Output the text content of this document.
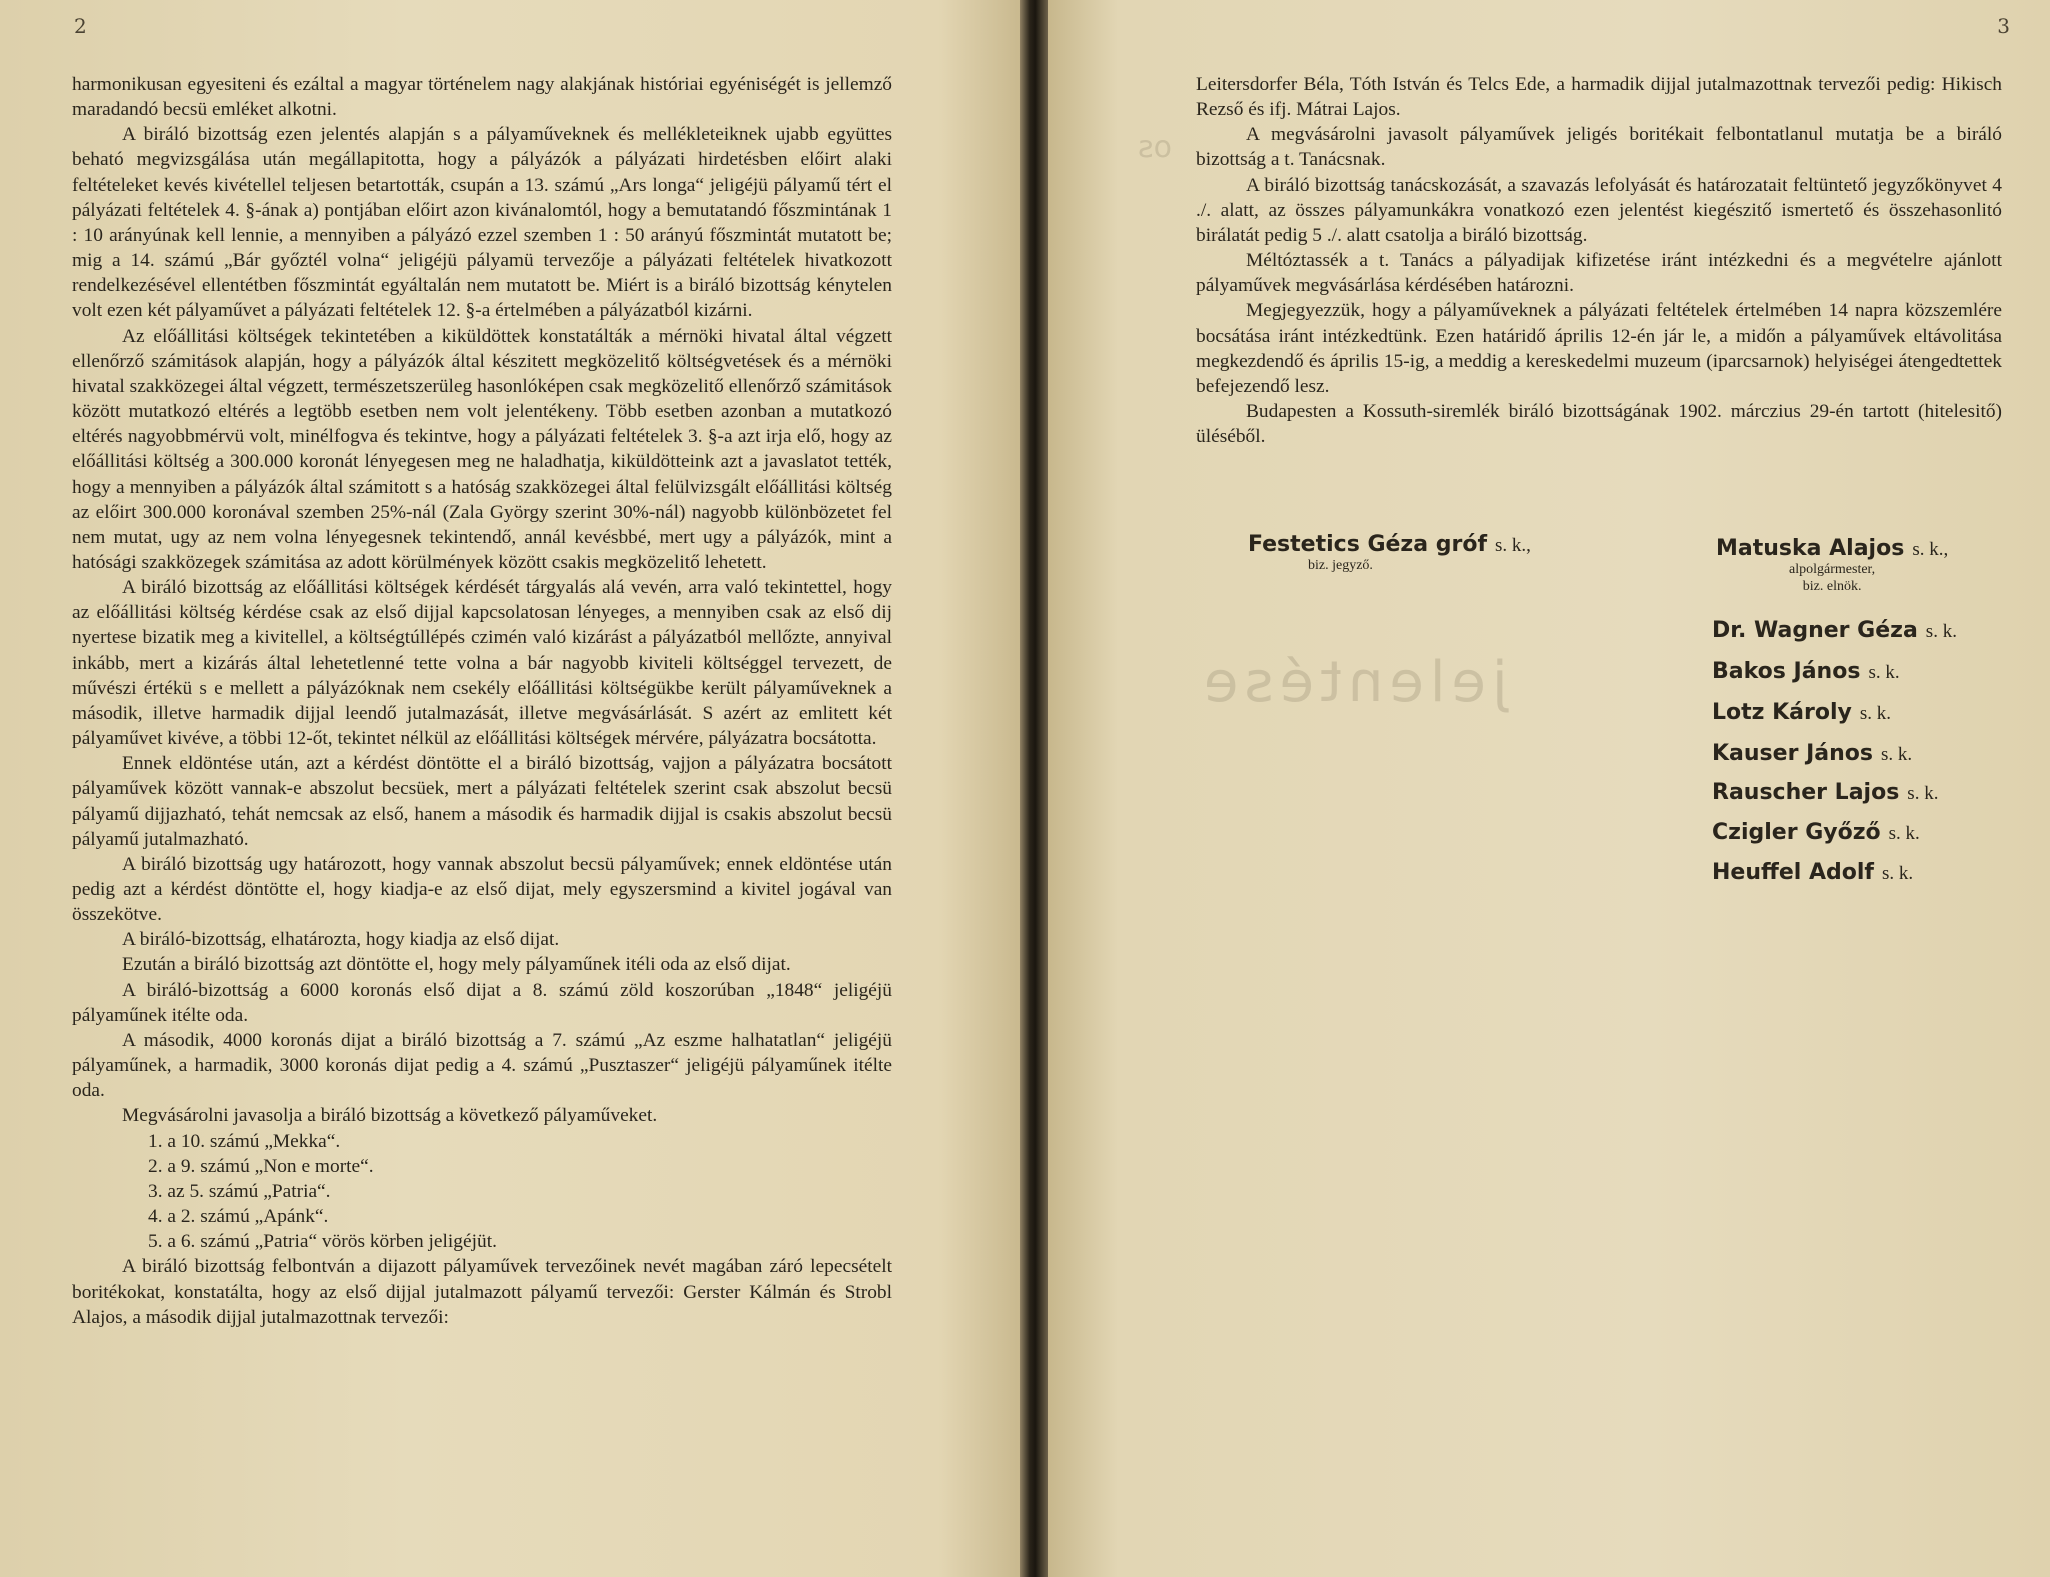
2

harmonikusan egyesiteni és ezáltal a magyar történelem nagy alakjának históriai egyéniségét is jellemző maradandó becsü emléket alkotni.

A biráló bizottság ezen jelentés alapján s a pályaműveknek és mellékleteiknek ujabb együttes beható megvizsgálása után megállapitotta, hogy a pályázók a pályázati hirdetésben előirt alaki feltételeket kevés kivétellel teljesen betartották, csupán a 13. számú „Ars longa“ jeligéjü pályamű tért el pályázati feltételek 4. §-ának a) pontjában előirt azon kivánalomtól, hogy a bemutatandó főszmintának 1 : 10 arányúnak kell lennie, a mennyiben a pályázó ezzel szemben 1 : 50 arányú főszmintát mutatott be; mig a 14. számú „Bár győztél volna“ jeligéjü pályamü tervezője a pályázati feltételek hivatkozott rendelkezésével ellentétben főszmintát egyáltalán nem mutatott be. Miért is a biráló bizottság kénytelen volt ezen két pályaművet a pályázati feltételek 12. §-a értelmében a pályázatból kizárni.

Az előállitási költségek tekintetében a kiküldöttek konstatálták a mérnöki hivatal által végzett ellenőrző számitások alapján, hogy a pályázók által készitett megközelitő költségvetések és a mérnöki hivatal szakközegei által végzett, természetszerüleg hasonlóképen csak megközelitő ellenőrző számitások között mutatkozó eltérés a legtöbb esetben nem volt jelentékeny. Több esetben azonban a mutatkozó eltérés nagyobbmérvü volt, minélfogva és tekintve, hogy a pályázati feltételek 3. §-a azt irja elő, hogy az előállitási költség a 300.000 koronát lényegesen meg ne haladhatja, kiküldötteink azt a javaslatot tették, hogy a mennyiben a pályázók által számitott s a hatóság szakközegei által felülvizsgált előállitási költség az előirt 300.000 koronával szemben 25%-nál (Zala György szerint 30%-nál) nagyobb különbözetet fel nem mutat, ugy az nem volna lényegesnek tekintendő, annál kevésbbé, mert ugy a pályázók, mint a hatósági szakközegek számitása az adott körülmények között csakis megközelitő lehetett.

A biráló bizottság az előállitási költségek kérdését tárgyalás alá vevén, arra való tekintettel, hogy az előállitási költség kérdése csak az első dijjal kapcsolatosan lényeges, a mennyiben csak az első dij nyertese bizatik meg a kivitellel, a költségtúllépés czimén való kizárást a pályázatból mellőzte, annyival inkább, mert a kizárás által lehetetlenné tette volna a bár nagyobb kiviteli költséggel tervezett, de művészi értékü s e mellett a pályázóknak nem csekély előállitási költségükbe került pályaműveknek a második, illetve harmadik dijjal leendő jutalmazását, illetve megvásárlását. S azért az emlitett két pályaművet kivéve, a többi 12-őt, tekintet nélkül az előállitási költségek mérvére, pályázatra bocsátotta.

Ennek eldöntése után, azt a kérdést döntötte el a biráló bizottság, vajjon a pályázatra bocsátott pályaművek között vannak-e abszolut becsüek, mert a pályázati feltételek szerint csak abszolut becsü pályamű dijjazható, tehát nemcsak az első, hanem a második és harmadik dijjal is csakis abszolut becsü pályamű jutalmazható.

A biráló bizottság ugy határozott, hogy vannak abszolut becsü pályaművek; ennek eldöntése után pedig azt a kérdést döntötte el, hogy kiadja-e az első dijat, mely egyszersmind a kivitel jogával van összekötve.

A biráló-bizottság, elhatározta, hogy kiadja az első dijat.

Ezután a biráló bizottság azt döntötte el, hogy mely pályaműnek itéli oda az első dijat.

A biráló-bizottság a 6000 koronás első dijat a 8. számú zöld koszorúban „1848“ jeligéjü pályaműnek itélte oda.

A második, 4000 koronás dijat a biráló bizottság a 7. számú „Az eszme halhatatlan“ jeligéjü pályaműnek, a harmadik, 3000 koronás dijat pedig a 4. számú „Pusztaszer“ jeligéjü pályaműnek itélte oda.

Megvásárolni javasolja a biráló bizottság a következő pályaműveket.

1. a 10. számú „Mekka“.

2. a 9. számú „Non e morte“.

3. az 5. számú „Patria“.

4. a 2. számú „Apánk“.

5. a 6. számú „Patria“ vörös körben jeligéjüt.

A biráló bizottság felbontván a dijazott pályaművek tervezőinek nevét magában záró lepecsételt boritékokat, konstatálta, hogy az első dijjal jutalmazott pályamű tervezői: Gerster Kálmán és Strobl Alajos, a második dijjal jutalmazottnak tervezői:

3

Leitersdorfer Béla, Tóth István és Telcs Ede, a harmadik dijjal jutalmazottnak tervezői pedig: Hikisch Rezső és ifj. Mátrai Lajos.

A megvásárolni javasolt pályaművek jeligés boritékait felbontatlanul mutatja be a biráló bizottság a t. Tanácsnak.

A biráló bizottság tanácskozását, a szavazás lefolyását és határozatait feltüntető jegyzőkönyvet 4 ./. alatt, az összes pályamunkákra vonatkozó ezen jelentést kiegészitő ismertető és összehasonlitó birálatát pedig 5 ./. alatt csatolja a biráló bizottság.

Méltóztassék a t. Tanács a pályadijak kifizetése iránt intézkedni és a megvételre ajánlott pályaművek megvásárlása kérdésében határozni.

Megjegyezzük, hogy a pályaműveknek a pályázati feltételek értelmében 14 napra közszemlére bocsátása iránt intézkedtünk. Ezen határidő április 12-én jár le, a midőn a pályaművek eltávolitása megkezdendő és április 15-ig, a meddig a kereskedelmi muzeum (iparcsarnok) helyiségei átengedtettek befejezendő lesz.

Budapesten a Kossuth-siremlék biráló bizottságának 1902. márczius 29-én tartott (hitelesitő) üléséből.

Festetics Géza gróf s. k.,
biz. jegyző.
Matuska Alajos s. k.,
alpolgármester,
biz. elnök.
Dr. Wagner Géza s. k.
Bakos János s. k.
Lotz Károly s. k.
Kauser János s. k.
Rauscher Lajos s. k.
Czigler Győző s. k.
Heuffel Adolf s. k.
os
jelentése
